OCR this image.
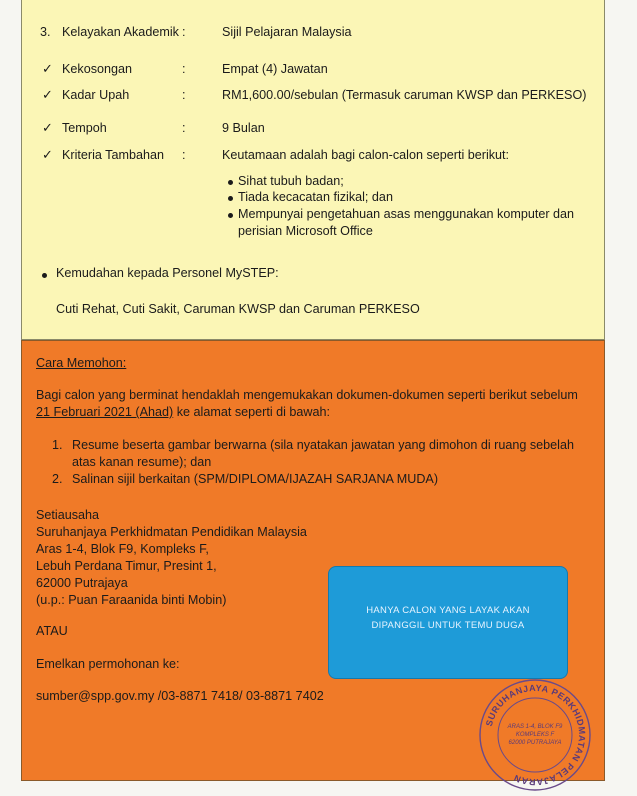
3. Kelayakan Akademik :	Sijil Pelajaran Malaysia
✓ Kekosongan	:	Empat (4) Jawatan
✓ Kadar Upah	:	RM1,600.00/sebulan (Termasuk caruman KWSP dan PERKESO)
✓ Tempoh	:	9 Bulan
✓ Kriteria Tambahan :	Keutamaan adalah bagi calon-calon seperti berikut:
Sihat tubuh badan;
Tiada kecacatan fizikal; dan
Mempunyai pengetahuan asas menggunakan komputer dan
perisian Microsoft Office
Kemudahan kepada Personel MySTEP:
Cuti Rehat, Cuti Sakit, Caruman KWSP dan Caruman PERKESO
Cara Memohon:
Bagi calon yang berminat hendaklah mengemukakan dokumen-dokumen seperti berikut sebelum
21 Februari 2021 (Ahad) ke alamat seperti di bawah:
1. Resume beserta gambar berwarna (sila nyatakan jawatan yang dimohon di ruang sebelah
atas kanan resume); dan
2. Salinan sijil berkaitan (SPM/DIPLOMA/IJAZAH SARJANA MUDA)
Setiausaha
Suruhanjaya Perkhidmatan Pendidikan Malaysia
Aras 1-4, Blok F9, Kompleks F,
Lebuh Perdana Timur, Presint 1,
62000 Putrajaya
(u.p.: Puan Faraanida binti Mobin)
ATAU
Emelkan permohonan ke:
sumber@spp.gov.my /03-8871 7418/ 03-8871 7402
HANYA CALON YANG LAYAK AKAN
DIPANGGIL UNTUK TEMU DUGA
SURUHANJAYA PERKHIDMATAN PELAJARAN
ARAS 1-4, BLOK F9
KOMPLEKS F
62000 PUTRAJAYA
